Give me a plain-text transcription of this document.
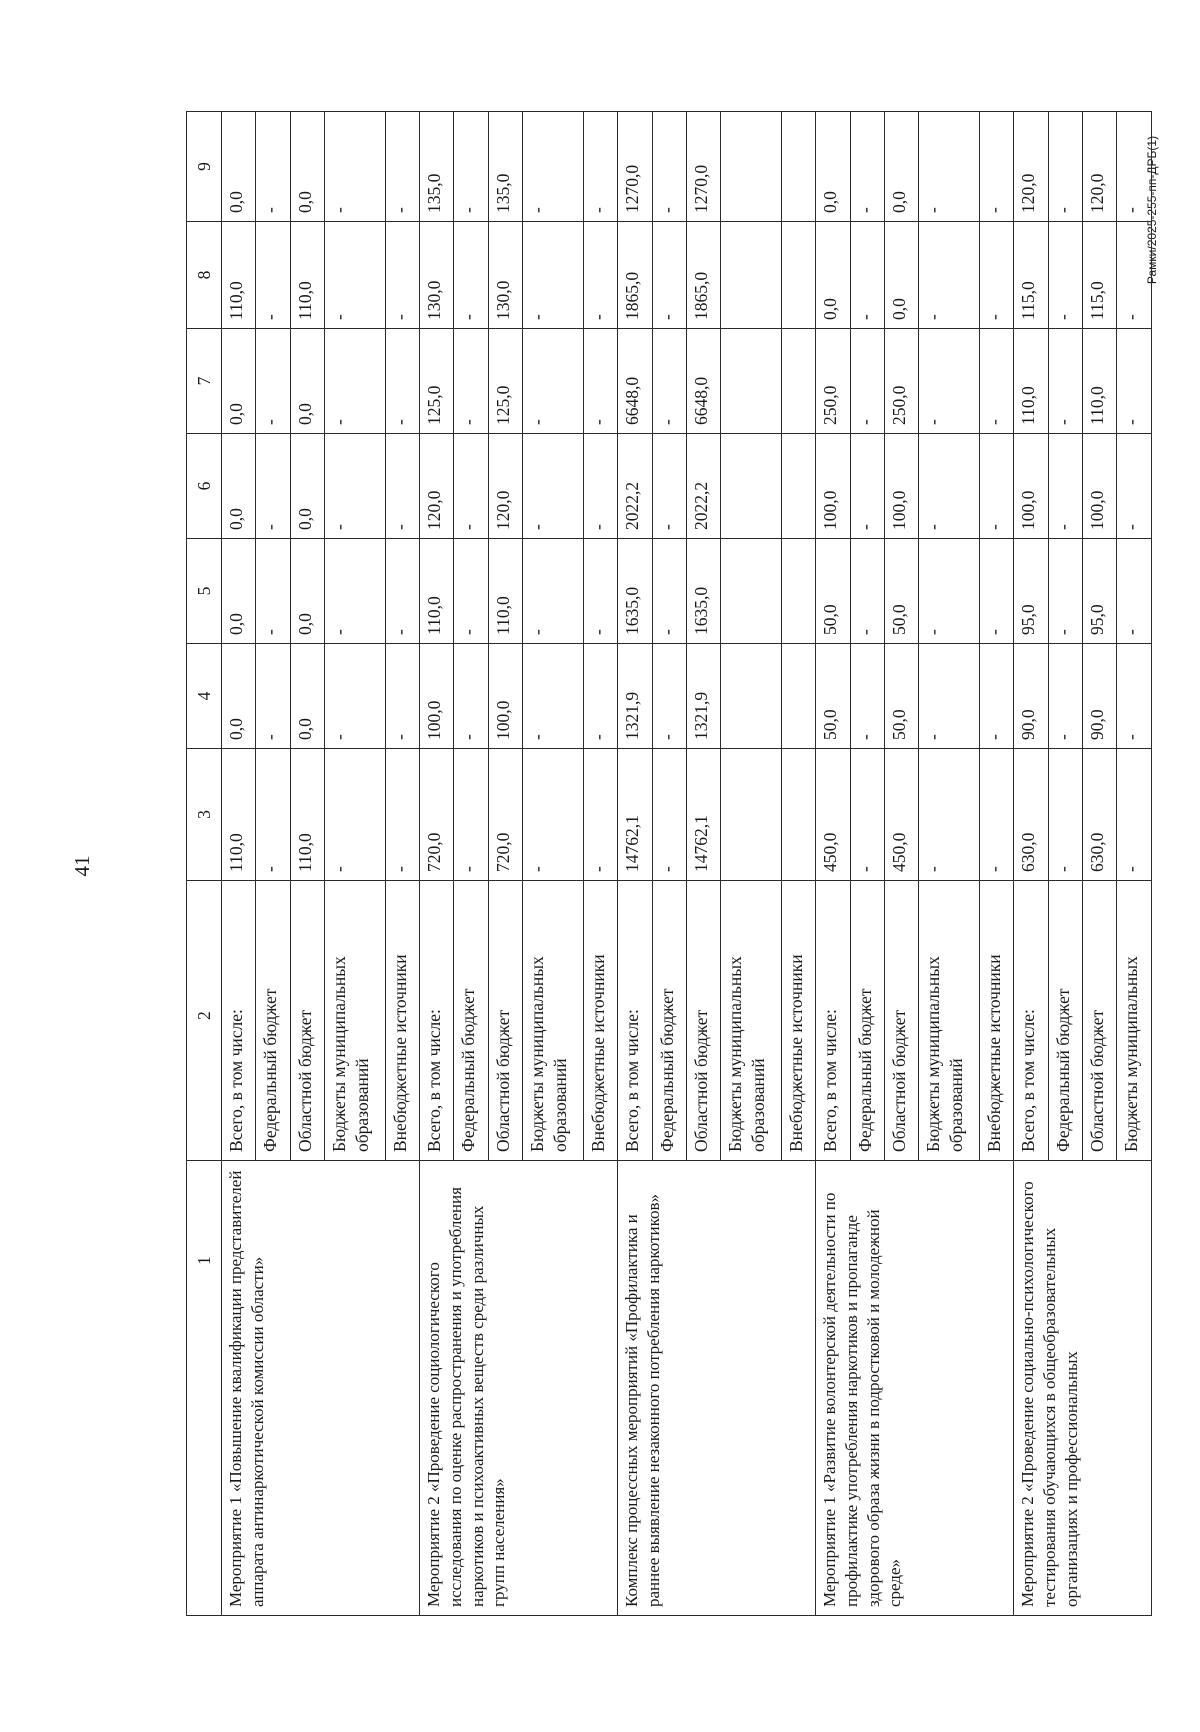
41
Рамки/2025-255-пп-ДРБ(1)
1	2	3	4	5	6	7	8	9
Мероприятие 1 «Повышение квалификации представителей аппарата антинаркотической комиссии области»	Всего, в том числе:	110,0	0,0	0,0	0,0	0,0	110,0	0,0
	Федеральный бюджет	-	-	-	-	-	-	-
	Областной бюджет	110,0	0,0	0,0	0,0	0,0	110,0	0,0
	Бюджеты муниципальных образований	-	-	-	-	-	-	-
	Внебюджетные источники	-	-	-	-	-	-	-
Мероприятие 2 «Проведение социологического исследования по оценке распространения и употребления наркотиков и психоактивных веществ среди различных групп населения»	Всего, в том числе:	720,0	100,0	110,0	120,0	125,0	130,0	135,0
	Федеральный бюджет	-	-	-	-	-	-	-
	Областной бюджет	720,0	100,0	110,0	120,0	125,0	130,0	135,0
	Бюджеты муниципальных образований	-	-	-	-	-	-	-
	Внебюджетные источники	-	-	-	-	-	-	-
Комплекс процессных мероприятий «Профилактика и раннее выявление незаконного потребления наркотиков»	Всего, в том числе:	14762,1	1321,9	1635,0	2022,2	6648,0	1865,0	1270,0
	Федеральный бюджет	-	-	-	-	-	-	-
	Областной бюджет	14762,1	1321,9	1635,0	2022,2	6648,0	1865,0	1270,0
	Бюджеты муниципальных образований							
	Внебюджетные источники							
Мероприятие 1 «Развитие волонтерской деятельности по профилактике употребления наркотиков и пропаганде здорового образа жизни в подростковой и молодежной среде»	Всего, в том числе:	450,0	50,0	50,0	100,0	250,0	0,0	0,0
	Федеральный бюджет	-	-	-	-	-	-	-
	Областной бюджет	450,0	50,0	50,0	100,0	250,0	0,0	0,0
	Бюджеты муниципальных образований	-	-	-	-	-	-	-
	Внебюджетные источники	-	-	-	-	-	-	-
Мероприятие 2 «Проведение социально-психологического тестирования обучающихся в общеобразовательных организациях и профессиональных	Всего, в том числе:	630,0	90,0	95,0	100,0	110,0	115,0	120,0
	Федеральный бюджет	-	-	-	-	-	-	-
	Областной бюджет	630,0	90,0	95,0	100,0	110,0	115,0	120,0
	Бюджеты муниципальных	-	-	-	-	-	-	-
